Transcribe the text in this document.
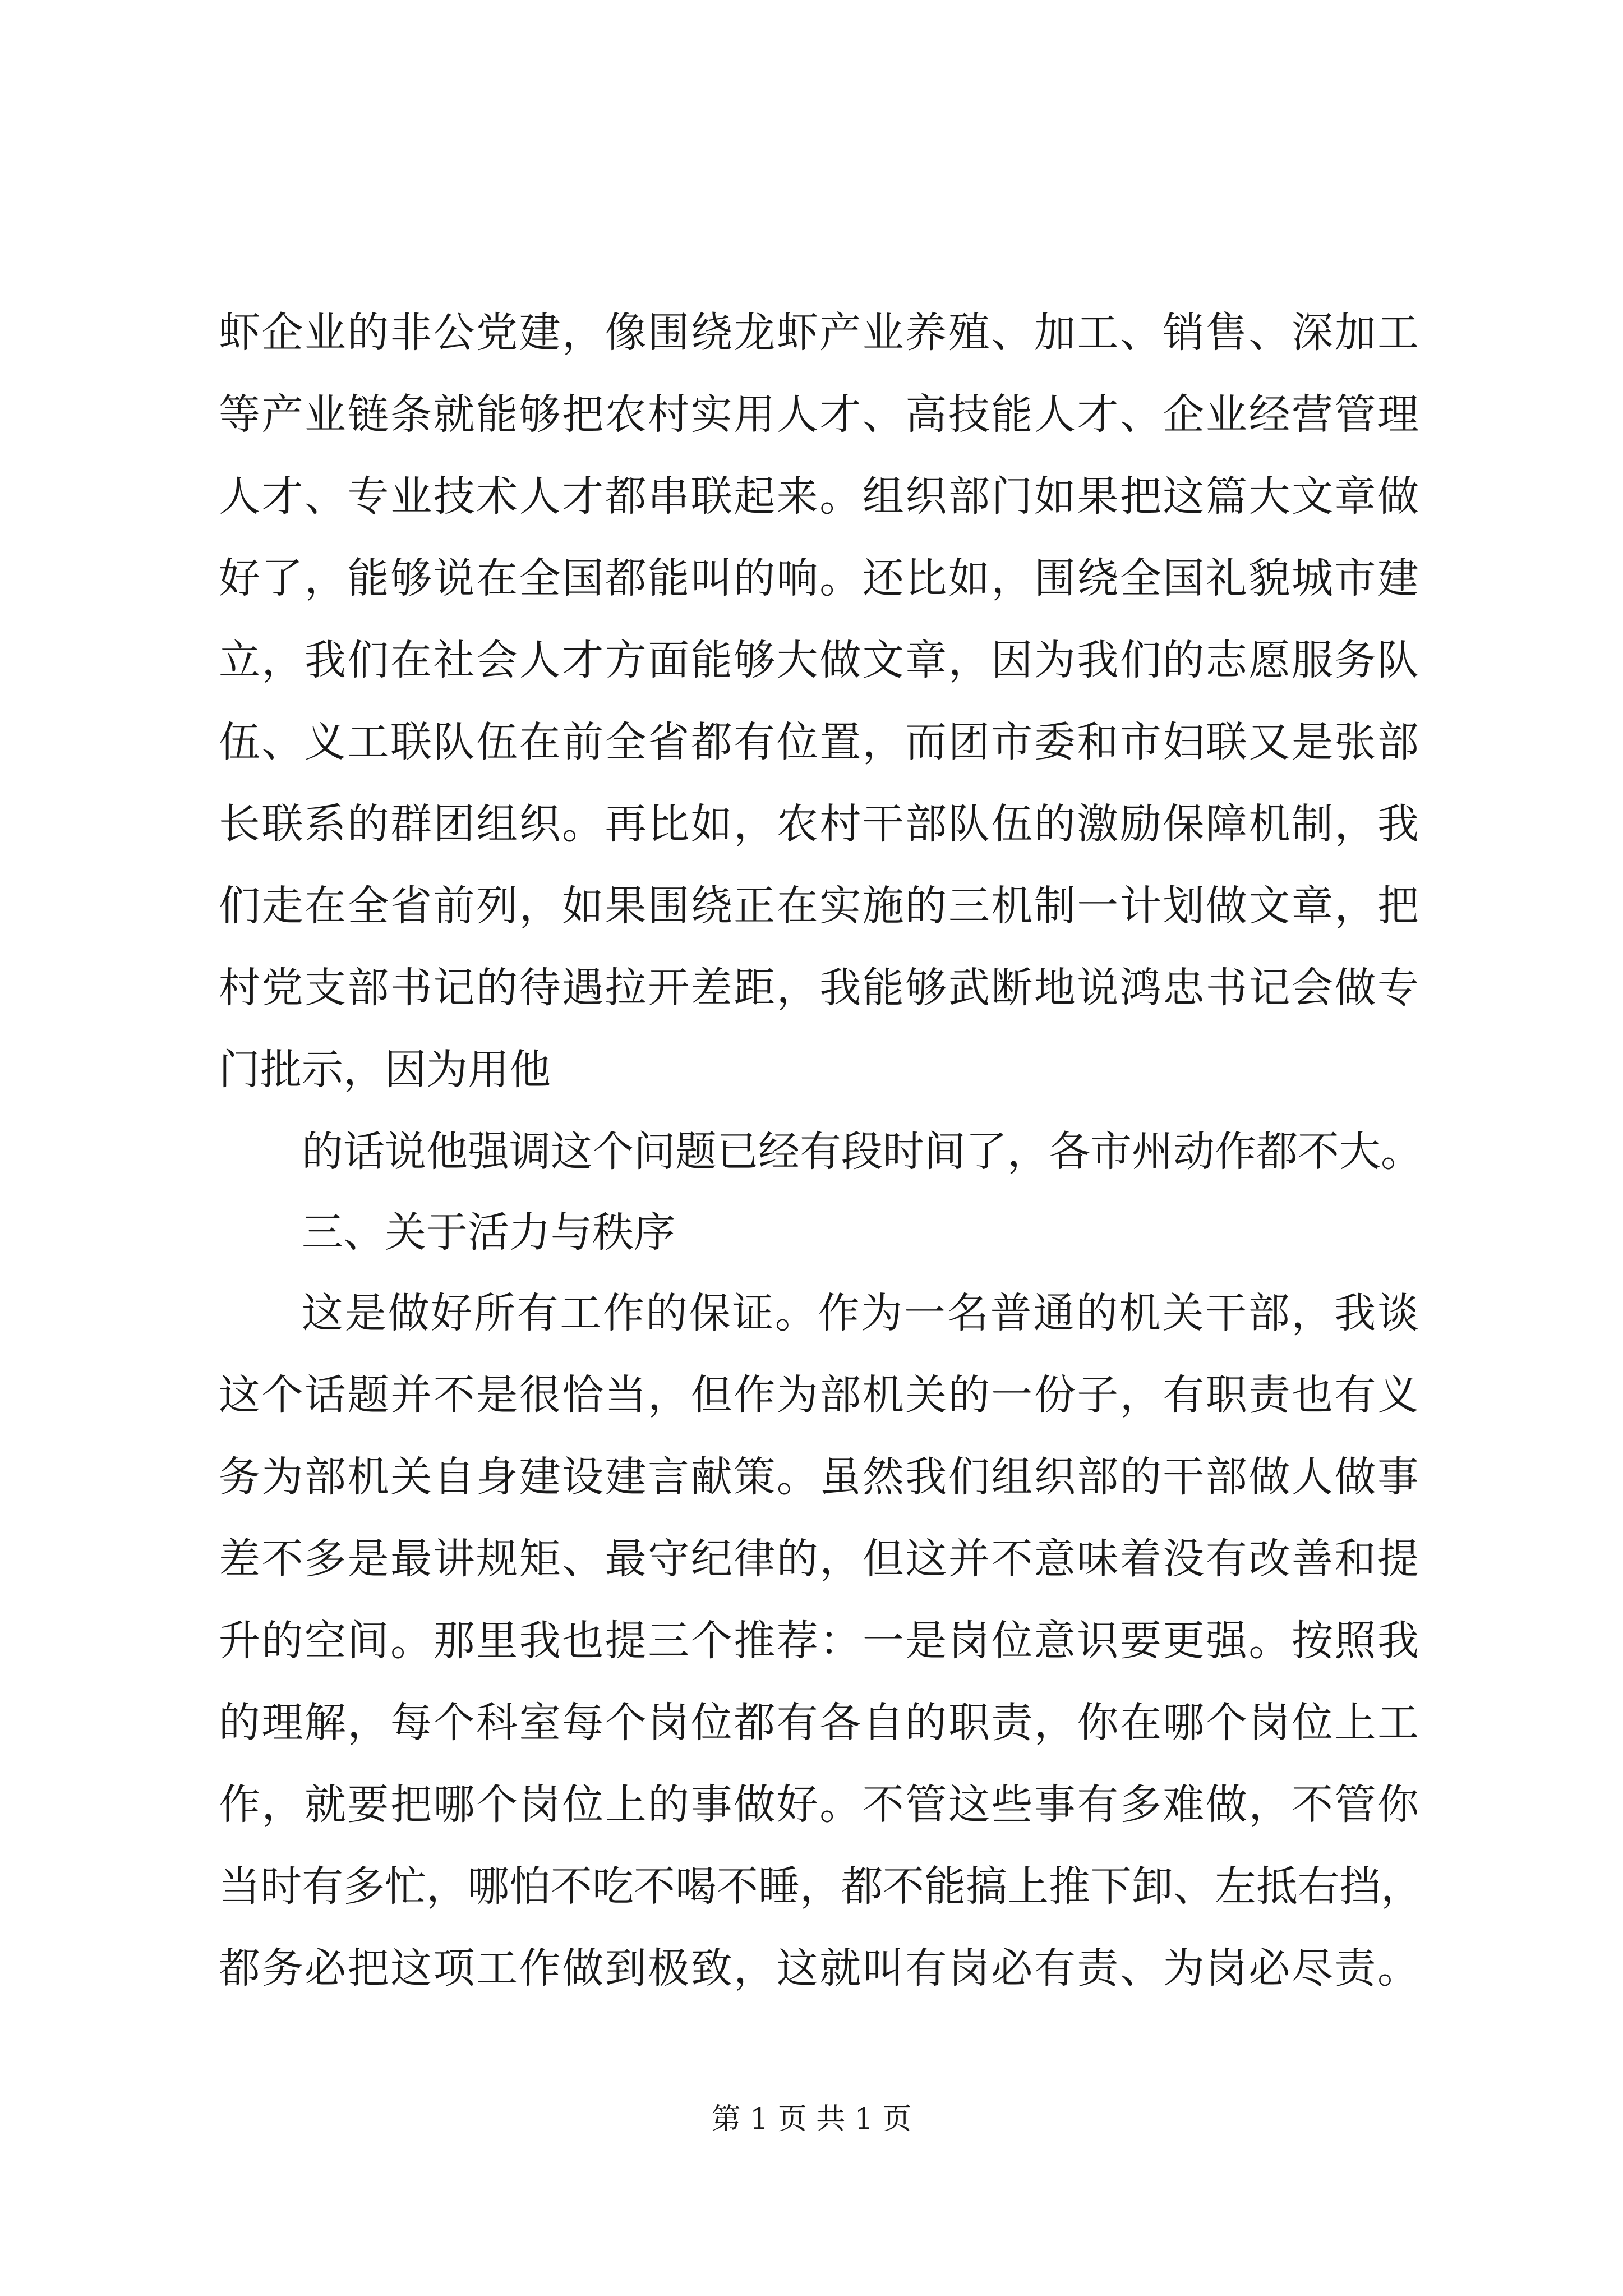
虾企业的非公党建，像围绕龙虾产业养殖、加工、销售、深加工
等产业链条就能够把农村实用人才、高技能人才、企业经营管理
人才、专业技术人才都串联起来。组织部门如果把这篇大文章做
好了，能够说在全国都能叫的响。还比如，围绕全国礼貌城市建
立，我们在社会人才方面能够大做文章，因为我们的志愿服务队
伍、义工联队伍在前全省都有位置，而团市委和市妇联又是张部
长联系的群团组织。再比如，农村干部队伍的激励保障机制，我
们走在全省前列，如果围绕正在实施的三机制一计划做文章，把
村党支部书记的待遇拉开差距，我能够武断地说鸿忠书记会做专
门批示，因为用他
的话说他强调这个问题已经有段时间了，各市州动作都不大。
三、关于活力与秩序
这是做好所有工作的保证。作为一名普通的机关干部，我谈
这个话题并不是很恰当，但作为部机关的一份子，有职责也有义
务为部机关自身建设建言献策。虽然我们组织部的干部做人做事
差不多是最讲规矩、最守纪律的，但这并不意味着没有改善和提
升的空间。那里我也提三个推荐：一是岗位意识要更强。按照我
的理解，每个科室每个岗位都有各自的职责，你在哪个岗位上工
作，就要把哪个岗位上的事做好。不管这些事有多难做，不管你
当时有多忙，哪怕不吃不喝不睡，都不能搞上推下卸、左抵右挡，
都务必把这项工作做到极致，这就叫有岗必有责、为岗必尽责。
第 1 页 共 1 页
